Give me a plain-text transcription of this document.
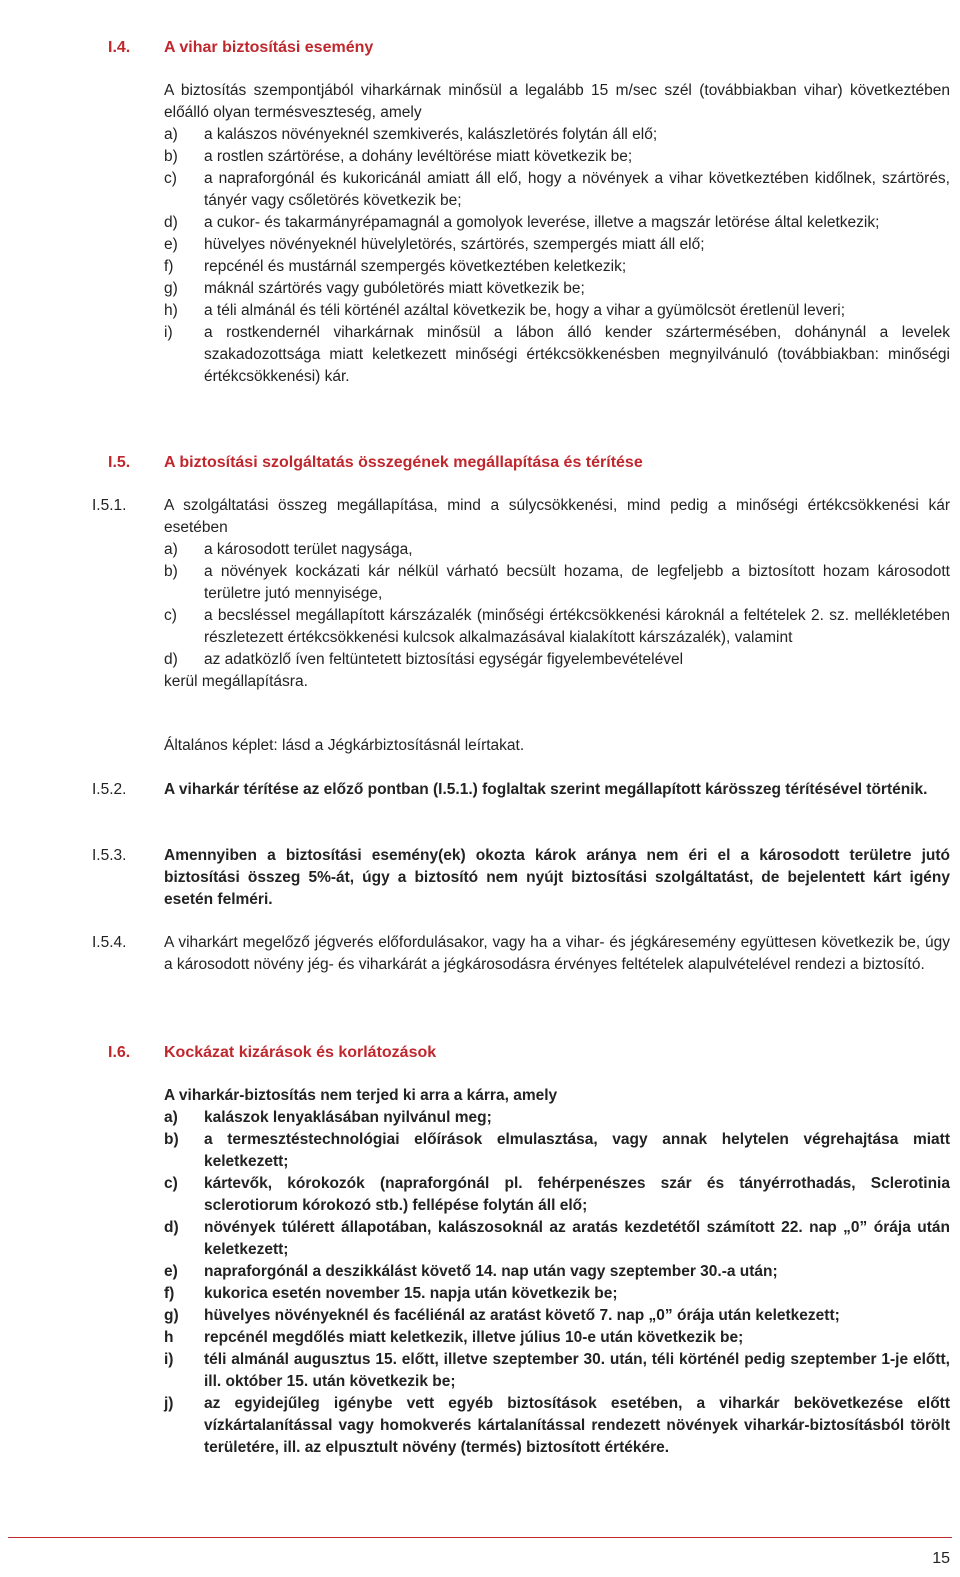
I.4. A vihar biztosítási esemény
A biztosítás szempontjából viharkárnak minősül a legalább 15 m/sec szél (továbbiakban vihar) következtében előálló olyan termésveszteség, amely
a) a kalászos növényeknél szemkiverés, kalászletörés folytán áll elő;
b) a rostlen szártörése, a dohány levéltörése miatt következik be;
c) a napraforgónál és kukoricánál amiatt áll elő, hogy a növények a vihar következtében kidőlnek, szártörés, tányér vagy csőletörés következik be;
d) a cukor- és takarmányrépamagnál a gomolyok leverése, illetve a magszár letörése által keletkezik;
e) hüvelyes növényeknél hüvelyletörés, szártörés, szempergés miatt áll elő;
f) repcénél és mustárnál szempergés következtében keletkezik;
g) máknál szártörés vagy gubóletörés miatt következik be;
h) a téli almánál és téli körténél azáltal következik be, hogy a vihar a gyümölcsöt éretlenül leveri;
i) a rostkendernél viharkárnak minősül a lábon álló kender szártermésében, dohánynál a levelek szakadozottsága miatt keletkezett minőségi értékcsökkenésben megnyilvánuló (továbbiakban: minőségi értékcsökkenési) kár.
I.5. A biztosítási szolgáltatás összegének megállapítása és térítése
I.5.1. A szolgáltatási összeg megállapítása, mind a súlycsökkenési, mind pedig a minőségi értékcsökkenési kár esetében
a) a károsodott terület nagysága,
b) a növények kockázati kár nélkül várható becsült hozama, de legfeljebb a biztosított hozam károsodott területre jutó mennyisége,
c) a becsléssel megállapított kárszázalék (minőségi értékcsökkenési károknál a feltételek 2. sz. mellékletében részletezett értékcsökkenési kulcsok alkalmazásával kialakított kárszázalék), valamint
d) az adatközlő íven feltüntetett biztosítási egységár figyelembevételével
kerül megállapításra.
Általános képlet: lásd a Jégkárbiztosításnál leírtakat.
I.5.2. A viharkár térítése az előző pontban (I.5.1.) foglaltak szerint megállapított kárösszeg térítésével történik.
I.5.3. Amennyiben a biztosítási esemény(ek) okozta károk aránya nem éri el a károsodott területre jutó biztosítási összeg 5%-át, úgy a biztosító nem nyújt biztosítási szolgáltatást, de bejelentett kárt igény esetén felméri.
I.5.4. A viharkárt megelőző jégverés előfordulásakor, vagy ha a vihar- és jégkáresemény együttesen következik be, úgy a károsodott növény jég- és viharkárát a jégkárosodásra érvényes feltételek alapulvételével rendezi a biztosító.
I.6. Kockázat kizárások és korlátozások
A viharkár-biztosítás nem terjed ki arra a kárra, amely
a) kalászok lenyaklásában nyilvánul meg;
b) a termesztéstechnológiai előírások elmulasztása, vagy annak helytelen végrehajtása miatt keletkezett;
c) kártevők, kórokozók (napraforgónál pl. fehérpenészes szár és tányérrothadás, Sclerotinia sclerotiorum kórokozó stb.) fellépése folytán áll elő;
d) növények túlérett állapotában, kalászosoknál az aratás kezdetétől számított 22. nap „0” órája után keletkezett;
e) napraforgónál a deszikkálást követő 14. nap után vagy szeptember 30.-a után;
f) kukorica esetén november 15. napja után következik be;
g) hüvelyes növényeknél és facéliénál az aratást követő 7. nap „0” órája után keletkezett;
h repcénél megdőlés miatt keletkezik, illetve július 10-e után következik be;
i) téli almánál augusztus 15. előtt, illetve szeptember 30. után, téli körténél pedig szeptember 1-je előtt, ill. október 15. után következik be;
j) az egyidejűleg igénybe vett egyéb biztosítások esetében, a viharkár bekövetkezése előtt vízkártalanítással vagy homokverés kártalanítással rendezett növények viharkár-biztosításból törölt területére, ill. az elpusztult növény (termés) biztosított értékére.
15
